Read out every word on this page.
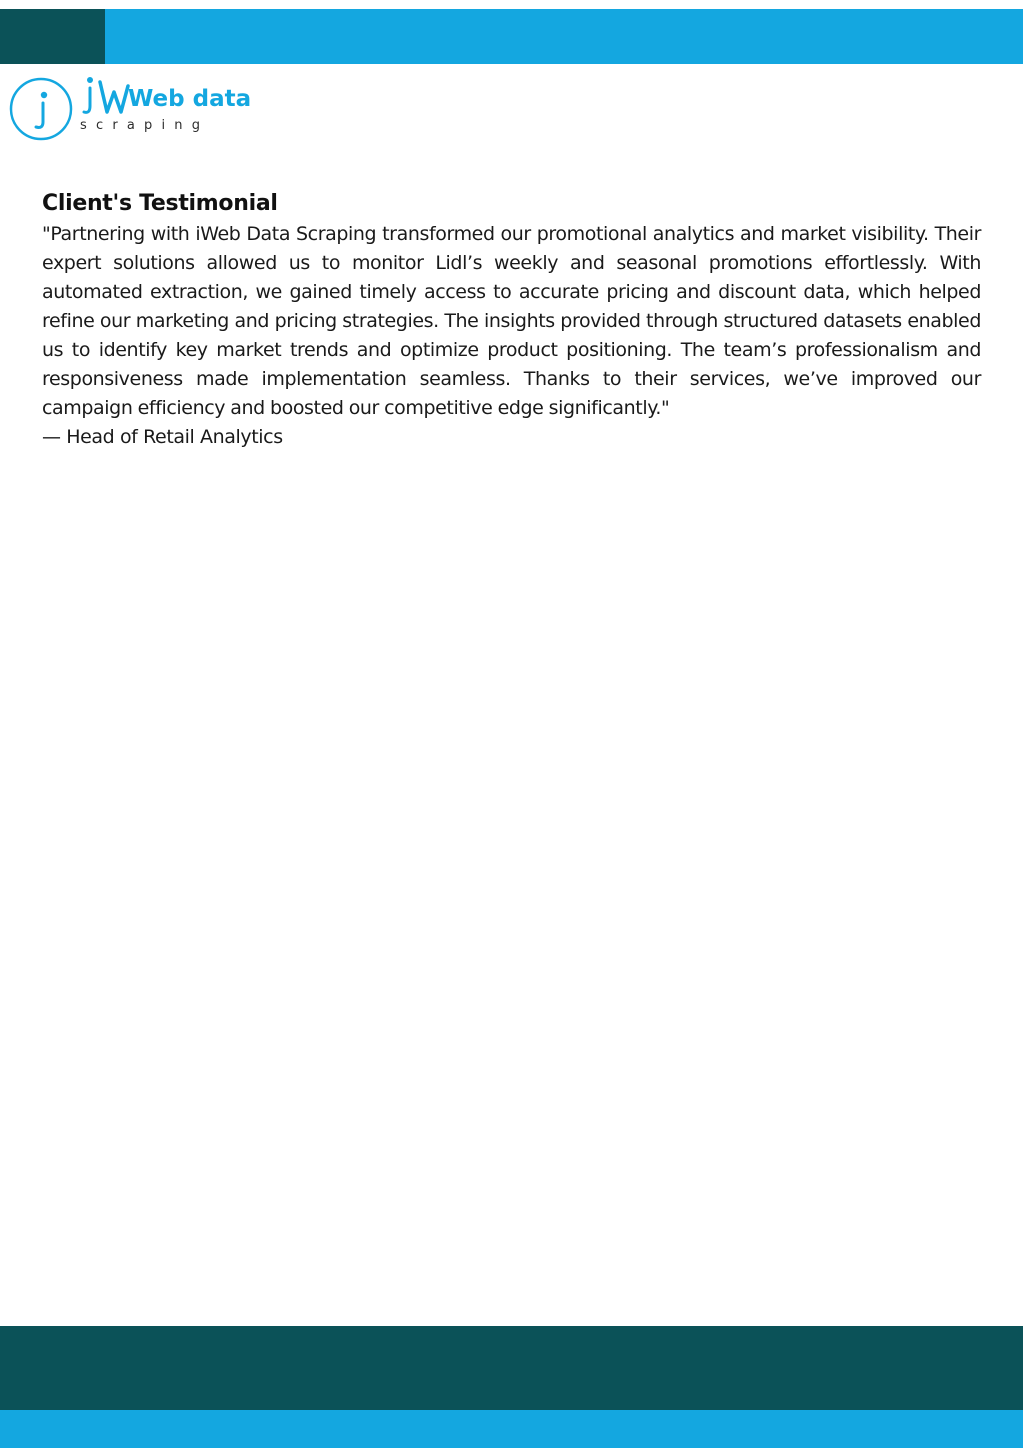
Web data
scraping
Client's Testimonial

"Partnering with iWeb Data Scraping transformed our promotional analytics and market visibility. Their expert solutions allowed us to monitor Lidl’s weekly and seasonal promotions effortlessly. With automated extraction, we gained timely access to accurate pricing and discount data, which helped refine our marketing and pricing strategies. The insights provided through structured datasets enabled us to identify key market trends and optimize product positioning. The team’s professionalism and responsiveness made implementation seamless. Thanks to their services, we’ve improved our campaign efficiency and boosted our competitive edge significantly."

— Head of Retail Analytics
